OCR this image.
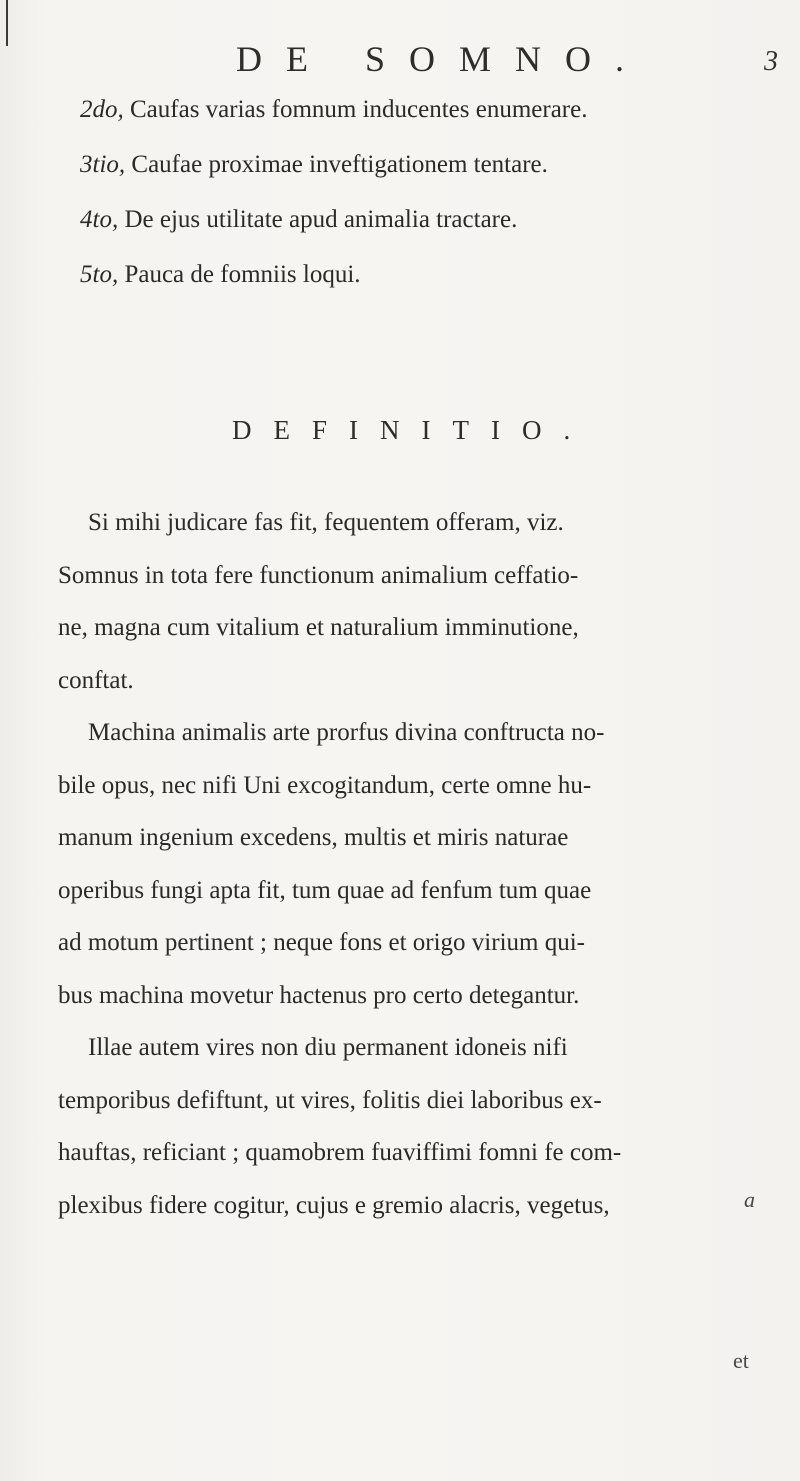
DE SOMNO.	3
2do, Caufas varias fomnum inducentes enumerare.
3tio, Caufae proximae inveftigationem tentare.
4to, De ejus utilitate apud animalia tractare.
5to, Pauca de fomniis loqui.
DEFINITIO.
Si mihi judicare fas fit, fequentem offeram, viz.
Somnus in tota fere functionum animalium ceffatio-
ne, magna cum vitalium et naturalium imminutione,
conftat.
Machina animalis arte prorfus divina conftructa no-
bile opus, nec nifi Uni excogitandum, certe omne hu-
manum ingenium excedens, multis et miris naturae
operibus fungi apta fit, tum quae ad fenfum tum quae
ad motum pertinent ; neque fons et origo virium qui-
bus machina movetur hactenus pro certo detegantur.
Illae autem vires non diu permanent idoneis nifi
temporibus defiftunt, ut vires, folitis diei laboribus ex-
hauftas, reficiant ; quamobrem fuaviffimi fomni fe com-
plexibus fidere cogitur, cujus e gremio alacris, vegetus,	a
et
